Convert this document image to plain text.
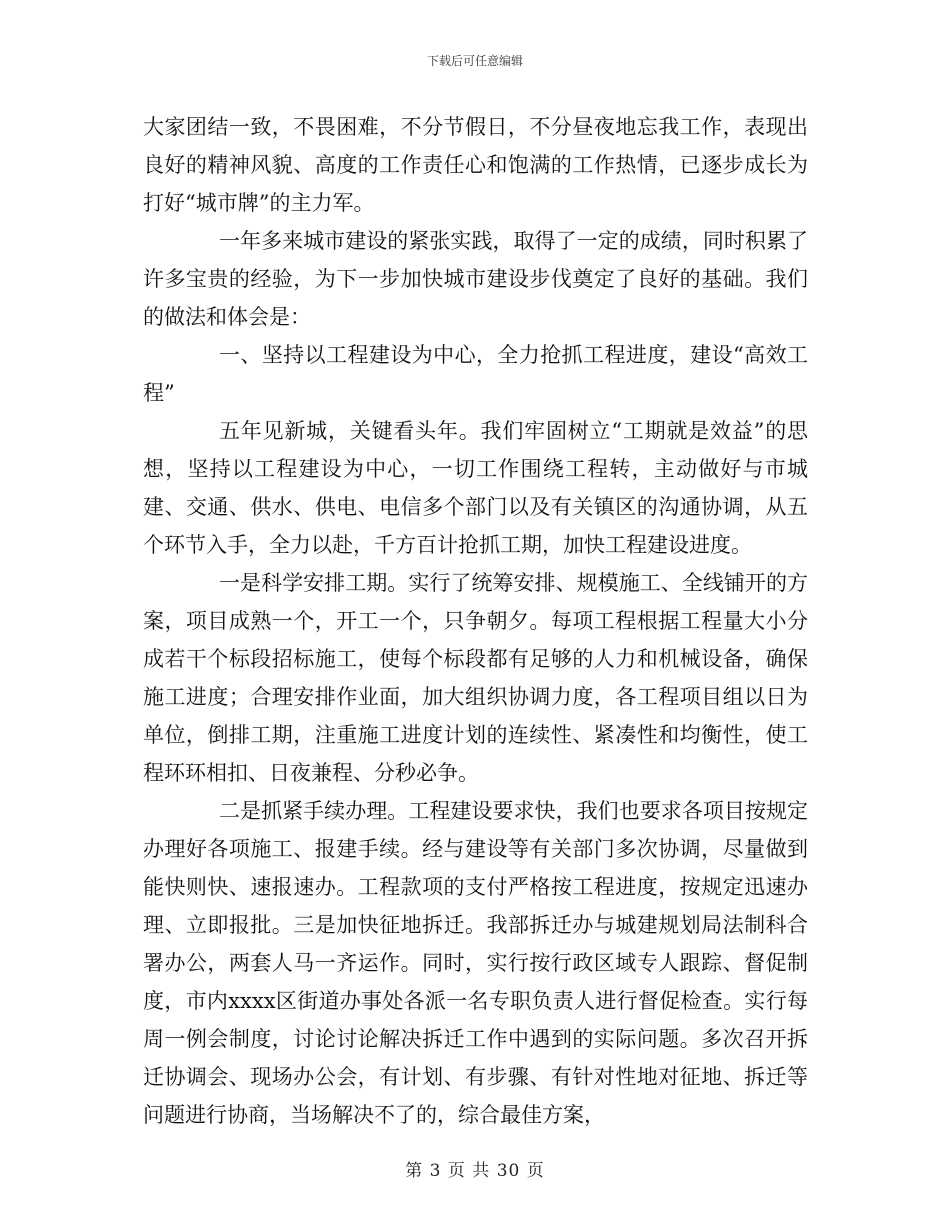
下载后可任意编辑

大家团结一致，不畏困难，不分节假日，不分昼夜地忘我工作，表现出良好的精神风貌、高度的工作责任心和饱满的工作热情，已逐步成长为打好“城市牌”的主力军。

一年多来城市建设的紧张实践，取得了一定的成绩，同时积累了许多宝贵的经验，为下一步加快城市建设步伐奠定了良好的基础。我们的做法和体会是：

一、坚持以工程建设为中心，全力抢抓工程进度，建设“高效工程”

五年见新城，关键看头年。我们牢固树立“工期就是效益”的思想，坚持以工程建设为中心，一切工作围绕工程转，主动做好与市城建、交通、供水、供电、电信多个部门以及有关镇区的沟通协调，从五个环节入手，全力以赴，千方百计抢抓工期，加快工程建设进度。

一是科学安排工期。实行了统筹安排、规模施工、全线铺开的方案，项目成熟一个，开工一个，只争朝夕。每项工程根据工程量大小分成若干个标段招标施工，使每个标段都有足够的人力和机械设备，确保施工进度；合理安排作业面，加大组织协调力度，各工程项目组以日为单位，倒排工期，注重施工进度计划的连续性、紧凑性和均衡性，使工程环环相扣、日夜兼程、分秒必争。

二是抓紧手续办理。工程建设要求快，我们也要求各项目按规定办理好各项施工、报建手续。经与建设等有关部门多次协调，尽量做到能快则快、速报速办。工程款项的支付严格按工程进度，按规定迅速办理、立即报批。三是加快征地拆迁。我部拆迁办与城建规划局法制科合署办公，两套人马一齐运作。同时，实行按行政区域专人跟踪、督促制度，市内xxxx区街道办事处各派一名专职负责人进行督促检查。实行每周一例会制度，讨论讨论解决拆迁工作中遇到的实际问题。多次召开拆迁协调会、现场办公会，有计划、有步骤、有针对性地对征地、拆迁等问题进行协商，当场解决不了的，综合最佳方案，

第 3 页 共 30 页
